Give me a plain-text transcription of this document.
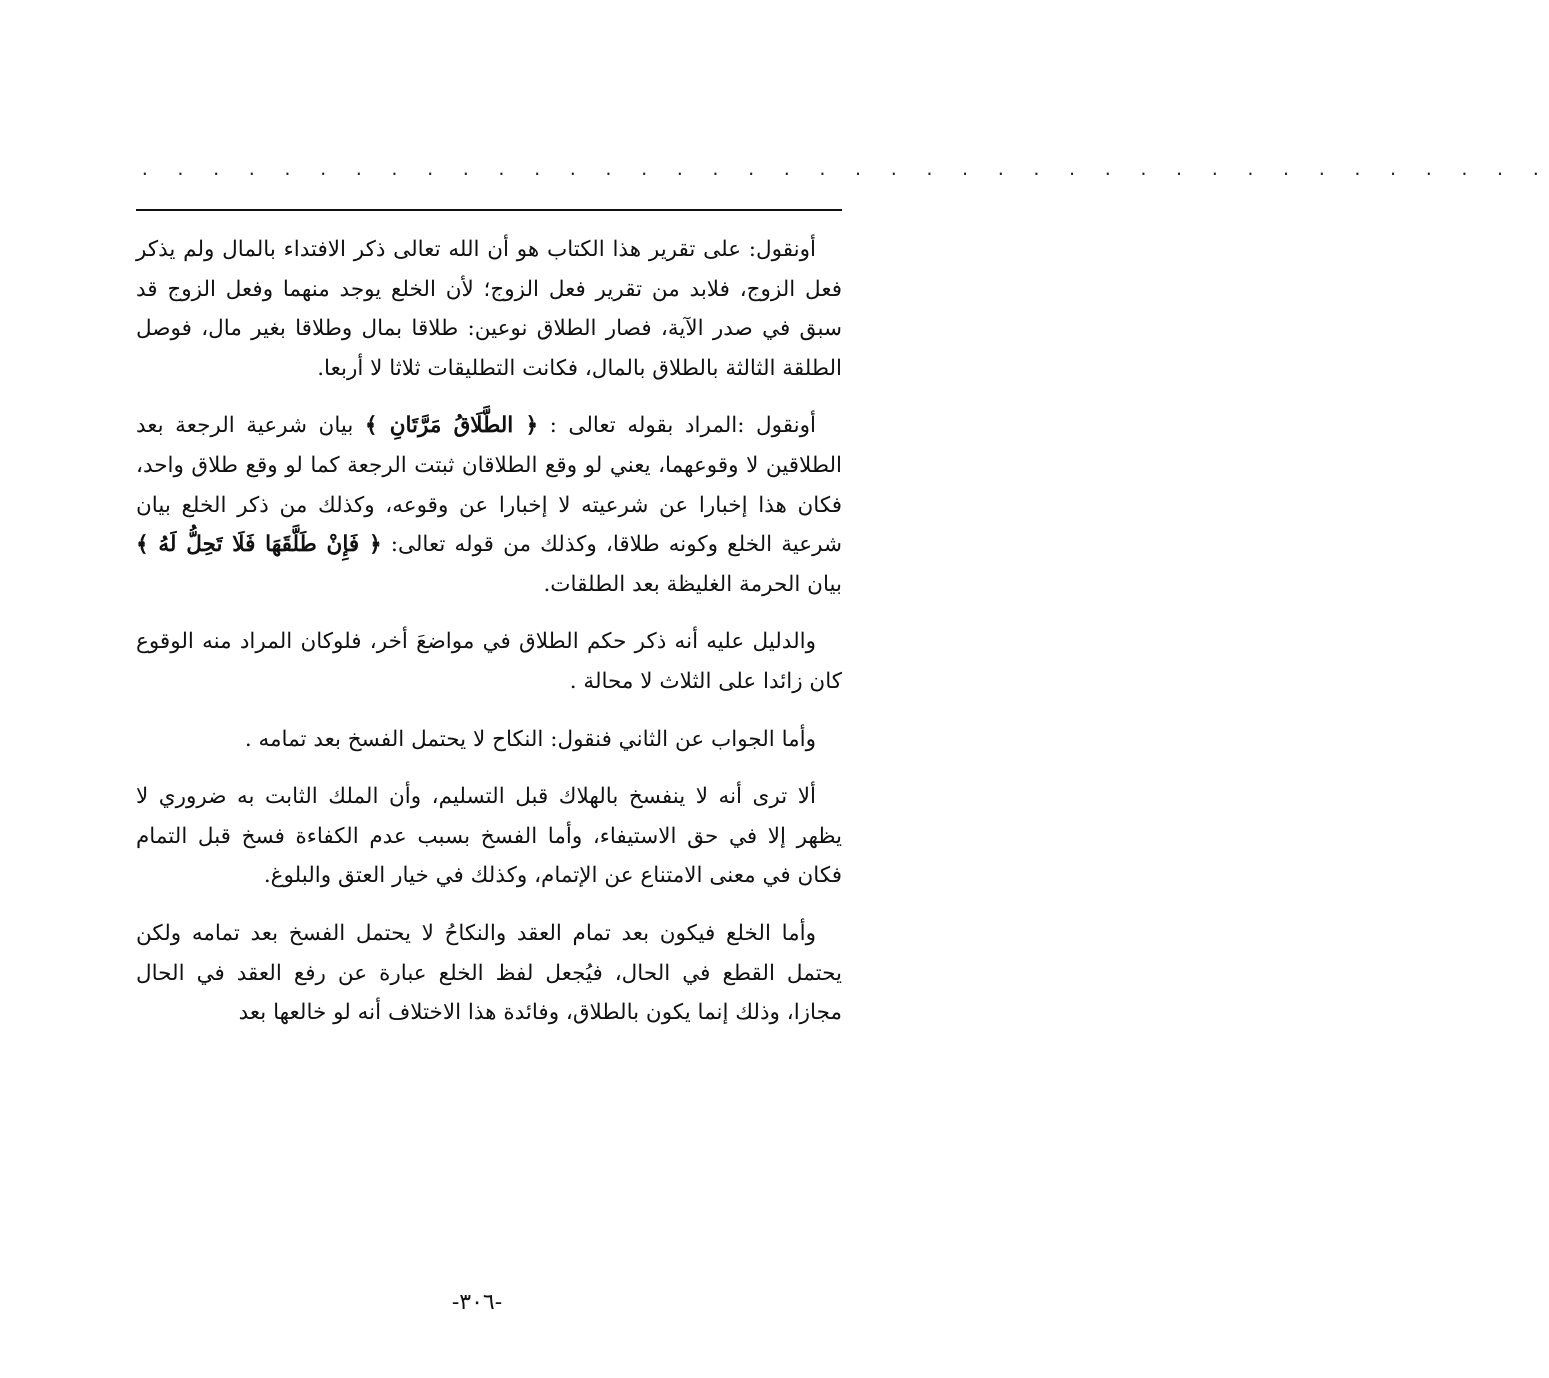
. . . . . . . . . . . . . . . . . . . . . . . . . . . . . . . . . . . . . . . .

أونقول: على تقرير هذا الكتاب هو أن الله تعالى ذكر الافتداء بالمال ولم يذكر فعل الزوج، فلابد من تقرير فعل الزوج؛ لأن الخلع يوجد منهما وفعل الزوج قد سبق في صدر الآية، فصار الطلاق نوعين: طلاقا بمال وطلاقا بغير مال، فوصل الطلقة الثالثة بالطلاق بالمال، فكانت التطليقات ثلاثا لا أربعا.

أونقول :المراد بقوله تعالى : ﴿ الطَّلَاقُ مَرَّتَانِ ﴾ بيان شرعية الرجعة بعد الطلاقين لا وقوعهما، يعني لو وقع الطلاقان ثبتت الرجعة كما لو وقع طلاق واحد، فكان هذا إخبارا عن شرعيته لا إخبارا عن وقوعه، وكذلك من ذكر الخلع بيان شرعية الخلع وكونه طلاقا، وكذلك من قوله تعالى: ﴿ فَإِنْ طَلَّقَهَا فَلَا تَحِلُّ لَهُ ﴾ بيان الحرمة الغليظة بعد الطلقات.

والدليل عليه أنه ذكر حكم الطلاق في مواضعَ أخر، فلوكان المراد منه الوقوع كان زائدا على الثلاث لا محالة .

وأما الجواب عن الثاني فنقول: النكاح لا يحتمل الفسخ بعد تمامه .

ألا ترى أنه لا ينفسخ بالهلاك قبل التسليم، وأن الملك الثابت به ضروري لا يظهر إلا في حق الاستيفاء، وأما الفسخ بسبب عدم الكفاءة فسخ قبل التمام فكان في معنى الامتناع عن الإتمام، وكذلك في خيار العتق والبلوغ.

وأما الخلع فيكون بعد تمام العقد والنكاحُ لا يحتمل الفسخ بعد تمامه ولكن يحتمل القطع في الحال، فيُجعل لفظ الخلع عبارة عن رفع العقد في الحال مجازا، وذلك إنما يكون بالطلاق، وفائدة هذا الاختلاف أنه لو خالعها بعد

-٣٠٦-
